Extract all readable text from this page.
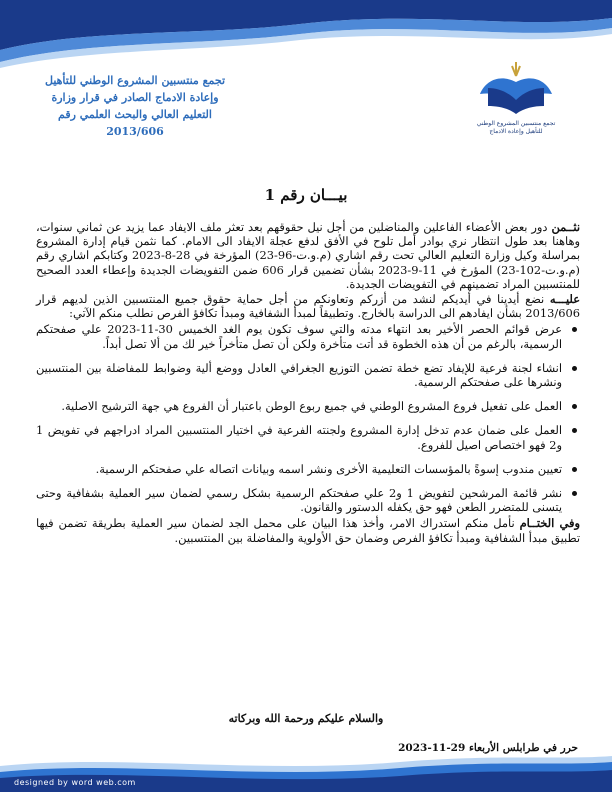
تجمع منتسبين المشروع الوطني
للتأهيل وإعادة الادماج
تجمع منتسبين المشروع الوطني للتأهيل
وإعادة الادماج الصادر في قرار وزارة
التعليم العالي والبحث العلمي رقم
2013/606
بيـــان رقم 1

نثــمن دور بعض الأعضاء الفاعلين والمناضلين من أجل نيل حقوقهم بعد تعثر ملف الايفاد عما يزيد عن ثماني سنوات، وهاهنا بعد طول انتظار نري بوادر أمل تلوح في الأفق لدفع عجلة الايفاد الى الامام. كما نثمن قيام إدارة المشروع بمراسلة وكيل وزارة التعليم العالي تحت رقم اشاري (م.و.ت-96-23) المؤرخة في 28-8-2023 وكتابكم اشاري رقم (م.و.ت-102-23) المؤرخ في 11-9-2023 بشأن تضمين قرار 606 ضمن التفويضات الجديدة وإعطاء العدد الصحيح للمنتسبين المراد تضمينهم في التفويضات الجديدة.

عليـــه نضع أيدينا في أيديكم لنشد من أزركم وتعاونكم من أجل حماية حقوق جميع المنتسبين الذين لديهم قرار 2013/606 بشأن ايفادهم الى الدراسة بالخارج. وتطبيقاً لمبدأ الشفافية ومبدأ تكافؤ الفرص نطلب منكم الآتي:

عرض قوائم الحصر الأخير بعد انتهاء مدته والتي سوف تكون يوم الغد الخميس 30-11-2023 علي صفحتكم الرسمية، بالرغم من أن هذه الخطوة قد أتت متأخرة ولكن أن تصل متأخراً خير لك من ألا تصل أبداً.
انشاء لجنة فرعية للإيفاد تضع خطة تضمن التوزيع الجغرافي العادل ووضع ألية وضوابط للمفاضلة بين المنتسبين ونشرها على صفحتكم الرسمية.
العمل على تفعيل فروع المشروع الوطني في جميع ربوع الوطن باعتبار أن الفروع هي جهة الترشيح الاصلية.
العمل على ضمان عدم تدخل إدارة المشروع ولجنته الفرعية في اختيار المنتسبين المراد ادراجهم في تفويض 1 و2 فهو اختصاص اصيل للفروع.
تعيين مندوب إسوةً بالمؤسسات التعليمية الأخرى ونشر اسمه وبيانات اتصاله علي صفحتكم الرسمية.
نشر قائمة المرشحين لتفويض 1 و2 علي صفحتكم الرسمية بشكل رسمي لضمان سير العملية بشفافية وحتى يتسنى للمتضرر الطعن فهو حق يكفله الدستور والقانون.

وفي الختــام نأمل منكم استدراك الامر، وأخذ هذا البيان على محمل الجد لضمان سير العملية بطريقة تضمن فيها تطبيق مبدأ الشفافية ومبدأ تكافؤ الفرص وضمان حق الأولوية والمفاضلة بين المنتسبين.

والسلام عليكم ورحمة الله وبركاته
حرر في طرابلس الأربعاء 29-11-2023
designed by word web.com
